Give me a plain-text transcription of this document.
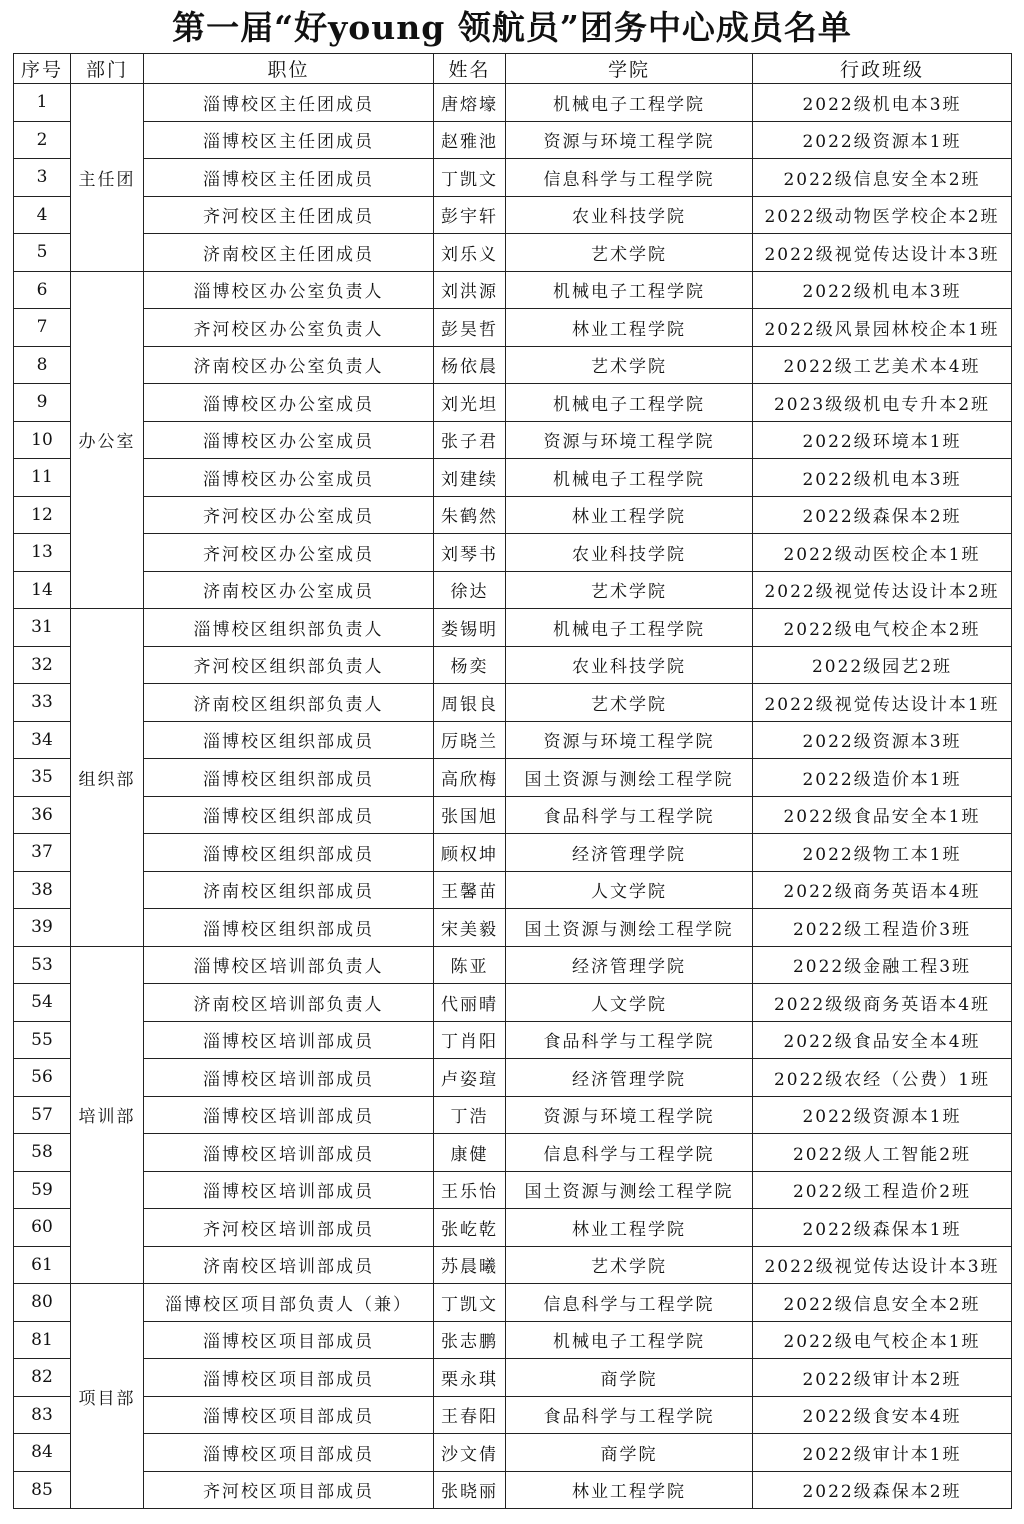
第一届“好young 领航员”团务中心成员名单
序号	部门	职位	姓名	学院	行政班级
1	主任团	淄博校区主任团成员	唐熔壕	机械电子工程学院	2022级机电本3班
2		淄博校区主任团成员	赵雅池	资源与环境工程学院	2022级资源本1班
3		淄博校区主任团成员	丁凯文	信息科学与工程学院	2022级信息安全本2班
4		齐河校区主任团成员	彭宇轩	农业科技学院	2022级动物医学校企本2班
5		济南校区主任团成员	刘乐义	艺术学院	2022级视觉传达设计本3班
6	办公室	淄博校区办公室负责人	刘洪源	机械电子工程学院	2022级机电本3班
7		齐河校区办公室负责人	彭昊哲	林业工程学院	2022级风景园林校企本1班
8		济南校区办公室负责人	杨依晨	艺术学院	2022级工艺美术本4班
9		淄博校区办公室成员	刘光坦	机械电子工程学院	2023级级机电专升本2班
10		淄博校区办公室成员	张子君	资源与环境工程学院	2022级环境本1班
11		淄博校区办公室成员	刘建续	机械电子工程学院	2022级机电本3班
12		齐河校区办公室成员	朱鹤然	林业工程学院	2022级森保本2班
13		齐河校区办公室成员	刘琴书	农业科技学院	2022级动医校企本1班
14		济南校区办公室成员	徐达	艺术学院	2022级视觉传达设计本2班
31	组织部	淄博校区组织部负责人	娄锡明	机械电子工程学院	2022级电气校企本2班
32		齐河校区组织部负责人	杨奕	农业科技学院	2022级园艺2班
33		济南校区组织部负责人	周银良	艺术学院	2022级视觉传达设计本1班
34		淄博校区组织部成员	厉晓兰	资源与环境工程学院	2022级资源本3班
35		淄博校区组织部成员	高欣梅	国土资源与测绘工程学院	2022级造价本1班
36		淄博校区组织部成员	张国旭	食品科学与工程学院	2022级食品安全本1班
37		淄博校区组织部成员	顾权坤	经济管理学院	2022级物工本1班
38		济南校区组织部成员	王馨苗	人文学院	2022级商务英语本4班
39		淄博校区组织部成员	宋美毅	国土资源与测绘工程学院	2022级工程造价3班
53	培训部	淄博校区培训部负责人	陈亚	经济管理学院	2022级金融工程3班
54		济南校区培训部负责人	代丽晴	人文学院	2022级级商务英语本4班
55		淄博校区培训部成员	丁肖阳	食品科学与工程学院	2022级食品安全本4班
56		淄博校区培训部成员	卢姿瑄	经济管理学院	2022级农经（公费）1班
57		淄博校区培训部成员	丁浩	资源与环境工程学院	2022级资源本1班
58		淄博校区培训部成员	康健	信息科学与工程学院	2022级人工智能2班
59		淄博校区培训部成员	王乐怡	国土资源与测绘工程学院	2022级工程造价2班
60		齐河校区培训部成员	张屹乾	林业工程学院	2022级森保本1班
61		济南校区培训部成员	苏晨曦	艺术学院	2022级视觉传达设计本3班
80	项目部	淄博校区项目部负责人（兼）	丁凯文	信息科学与工程学院	2022级信息安全本2班
81		淄博校区项目部成员	张志鹏	机械电子工程学院	2022级电气校企本1班
82		淄博校区项目部成员	栗永琪	商学院	2022级审计本2班
83		淄博校区项目部成员	王春阳	食品科学与工程学院	2022级食安本4班
84		淄博校区项目部成员	沙文倩	商学院	2022级审计本1班
85		齐河校区项目部成员	张晓丽	林业工程学院	2022级森保本2班
